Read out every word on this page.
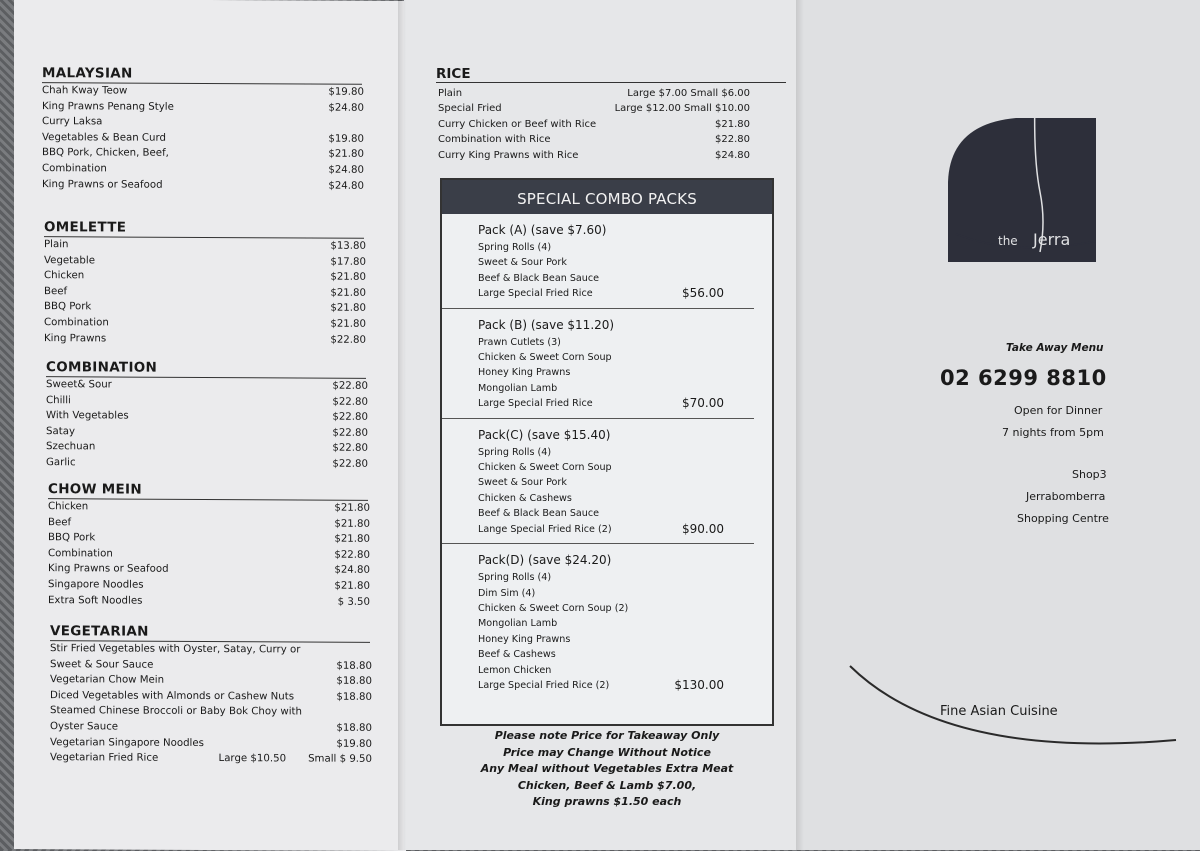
MALAYSIAN
Chah Kway Teow	$19.80
King Prawns Penang Style	$24.80
Curry Laksa
Vegetables & Bean Curd	$19.80
BBQ Pork, Chicken, Beef,	$21.80
Combination	$24.80
King Prawns or Seafood	$24.80
OMELETTE
Plain	$13.80
Vegetable	$17.80
Chicken	$21.80
Beef	$21.80
BBQ Pork	$21.80
Combination	$21.80
King Prawns	$22.80
COMBINATION
Sweet& Sour	$22.80
Chilli	$22.80
With Vegetables	$22.80
Satay	$22.80
Szechuan	$22.80
Garlic	$22.80
CHOW MEIN
Chicken	$21.80
Beef	$21.80
BBQ Pork	$21.80
Combination	$22.80
King Prawns or Seafood	$24.80
Singapore Noodles	$21.80
Extra Soft Noodles	$ 3.50
VEGETARIAN
Stir Fried Vegetables with Oyster, Satay, Curry or
Sweet & Sour Sauce	$18.80
Vegetarian Chow Mein	$18.80
Diced Vegetables with Almonds or Cashew Nuts	$18.80
Steamed Chinese Broccoli or Baby Bok Choy with
Oyster Sauce	$18.80
Vegetarian Singapore Noodles	$19.80
Vegetarian Fried Rice	Large $10.50 Small $ 9.50
RICE
Plain	Large $7.00 Small $6.00
Special Fried	Large $12.00 Small $10.00
Curry Chicken or Beef with Rice	$21.80
Combination with Rice	$22.80
Curry King Prawns with Rice	$24.80
SPECIAL COMBO PACKS
Pack (A) (save $7.60)
Spring Rolls (4)
Sweet & Sour Pork
Beef & Black Bean Sauce
Large Special Fried Rice	$56.00
Pack (B) (save $11.20)
Prawn Cutlets (3)
Chicken & Sweet Corn Soup
Honey King Prawns
Mongolian Lamb
Large Special Fried Rice	$70.00
Pack(C) (save $15.40)
Spring Rolls (4)
Chicken & Sweet Corn Soup
Sweet & Sour Pork
Chicken & Cashews
Beef & Black Bean Sauce
Lange Special Fried Rice (2)	$90.00
Pack(D) (save $24.20)
Spring Rolls (4)
Dim Sim (4)
Chicken & Sweet Corn Soup (2)
Mongolian Lamb
Honey King Prawns
Beef & Cashews
Lemon Chicken
Large Special Fried Rice (2)	$130.00
Please note Price for Takeaway Only
Price may Change Without Notice
Any Meal without Vegetables Extra Meat
Chicken, Beef & Lamb $7.00,
King prawns $1.50 each
the Jerra
Take Away Menu
02 6299 8810
Open for Dinner
7 nights from 5pm
Shop3
Jerrabomberra
Shopping Centre
Fine Asian Cuisine
